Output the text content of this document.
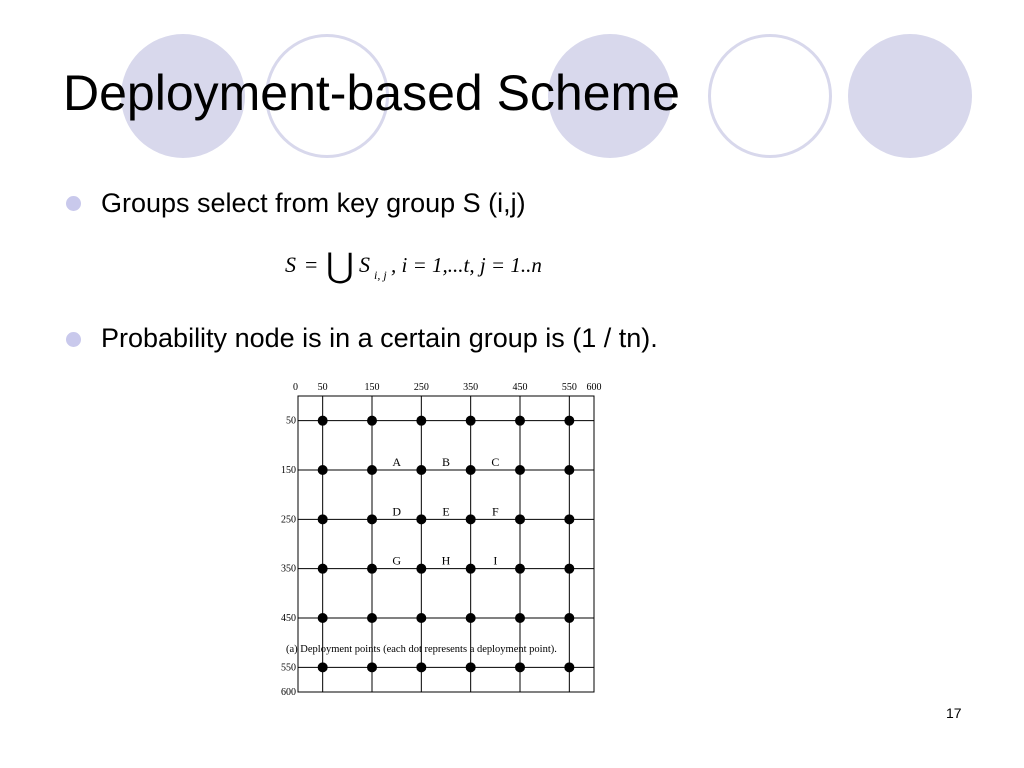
Deployment-based Scheme
Groups select from key group S (i,j)
S = ⋃ S i, j , i = 1,...t, j = 1..n
Probability node is in a certain group is (1 / tn).
0 50	150	250	350	450	550 600
50
150
250
350
450
550
600
A	B	C
D	E	F
G	H	I
(a) Deployment points (each dot represents a deployment point).
17
